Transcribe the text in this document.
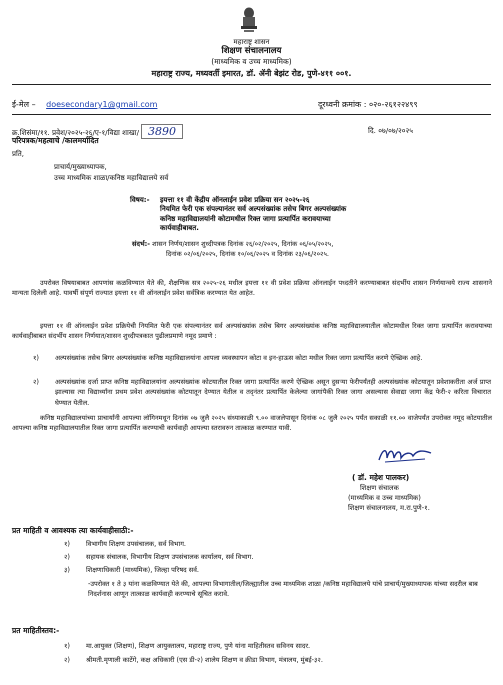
महाराष्ट्र शासन
शिक्षण संचालनालय
(माध्यमिक व उच्च माध्यमिक)
महाराष्ट्र राज्य, मध्यवर्ती इमारत, डॉ. ॲनी बेझंट रोड, पुणे-४११ ००१.
ई-मेल – doesecondary1@gmail.com	दूरध्वनी क्रमांक : ०२०-२६१२२४९९
क्र.शिसंमा/११. प्रवेश/२०२५-२६/ए-१/विद्या शाखा/ 3890	दि. ०७/०७/२०२५
परिपत्रक/महत्वाचे /कालमर्यादित
प्रति,
प्राचार्य/मुख्याध्यापक,
उच्च माध्यमिक शाळा/कनिष्ठ महाविद्यालये सर्व
विषय:- इयत्ता ११ वी केंद्रीय ऑनलाईन प्रवेश प्रक्रिया सन २०२५-२६
नियमित फेरी एक संपल्यानंतर सर्व अल्पसंख्यांक तसेच बिगर अल्पसंख्यांक
कनिष्ठ महाविद्यालयांनी कोटामधील रिक्त जागा प्रत्यार्पित करावयाच्या
कार्यवाहीबाबत.
संदर्भ:- शासन निर्णय/शासन शुध्दीपत्रक दिनांक २६/०२/२०२५, दिनांक ०६/०५/२०२५,
दिनांक ०२/०६/२०२५, दिनांक १०/०६/२०२५ व दिनांक २३/०६/२०२५.
उपरोक्त विषयाबाबत आपणांस कळविण्यात येते की, शैक्षणिक सत्र २०२५-२६ मधील इयत्ता ११ वी प्रवेश प्रक्रिया ऑनलाईन पध्दतीने करण्याबाबत संदर्भीय शासन निर्णयान्वये राज्य शासनाने मान्यता दिलेली आहे. यावर्षी संपूर्ण राज्यात इयत्ता ११ वी ऑनलाईन प्रवेश सर्वत्रिक करण्यात येत आहेत.
इयत्ता ११ वी ऑनलाईन प्रवेश प्रक्रियेची नियमित फेरी एक संपल्यानंतर सर्व अल्पसंख्यांक तसेच बिगर अल्पसंख्यांक कनिष्ठ महाविद्यालयातील कोटामधील रिक्त जागा प्रत्यार्पित करावयाच्या कार्यवाहीबाबत संदर्भीय शासन निर्णयात/शासन शुध्दीपत्रकात पुढीलप्रमाणे नमूद प्रमाणे :
१) अल्पसंख्यांक तसेच बिगर अल्पसंख्यांक कनिष्ठ महाविद्यालयांना आपला व्यवस्थापन कोटा व इन-हाऊस कोटा मधील रिक्त जागा प्रत्यार्पित करणे ऐच्छिक आहे.
२) अल्पसंख्यांक दर्जा प्राप्त कनिष्ठ महाविद्यालयांना अल्पसंख्यांक कोटयातील रिक्त जागा प्रत्यार्पित करणे ऐच्छिक असून दुसऱ्या फेरीपर्यंतही अल्पसंख्यांक कोटयातून प्रवेशाकरीता अर्ज प्राप्त झाल्यास त्या विद्यार्थ्यांना प्रथम प्रवेश अल्पसंख्यांक कोटयातून देण्यात येतील व तद्नंतर प्रत्यार्पित केलेल्या जागांपैकी रिक्त जागा असल्यास सेवाद्या जागा केंद्र फेरी-२ करिता विचारात घेण्यात येतील.
कनिष्ठ महाविद्यालयांच्या प्राचार्यांनी आपल्या लॉगिनमधून दिनांक ०७ जुलै २०२५ संध्याकाळी ९.०० वाजलेपासून दिनांक ०८ जुलै २०२५ पर्यंत सकाळी ११.०० वाजेपर्यंत उपरोक्त नमूद कोटयातील आपल्या कनिष्ठ महाविद्यालयातील रिक्त जागा प्रत्यार्पित करण्याची कार्यवाही आपल्या स्तरावरुन तात्काळ करण्यात यावी.
( डॉ. महेश पालकर)
शिक्षण संचालक
(माध्यमिक व उच्च माध्यमिक)
शिक्षण संचालनालय, म.रा.पुणे-१.
प्रत माहिती व आवश्यक त्या कार्यवाहीसाठी:-
१) विभागीय शिक्षण उपसंचालक, सर्व विभाग.
२) सहायक संचालक, विभागीय शिक्षण उपसंचालक कार्यालय, सर्व विभाग.
३) शिक्षणाधिकारी (माध्यमिक), जिल्हा परिषद सर्व.
-उपरोक्त १ ते ३ यांना कळविण्यात येते की, आपल्या विभागातील/जिल्ह्यातील उच्च माध्यमिक शाळा /कनिष्ठ महाविद्यालये यांचे प्राचार्य/मुख्याध्यापक यांच्या सदरील बाब निदर्शनास आणून तात्काळ कार्यवाही करण्याचे सूचित करावे.
प्रत माहितीस्तव:-
१) मा.आयुक्त (शिक्षण), शिक्षण आयुक्तालय, महाराष्ट्र राज्य, पुणे यांना माहितीस्तव सविनय सादर.
२) श्रीमती.मृणाली काटेंगे, कक्ष अधिकारी (एस डी-२) शालेय शिक्षण व क्रीडा विभाग, मंत्रालय, मुंबई-३२.
